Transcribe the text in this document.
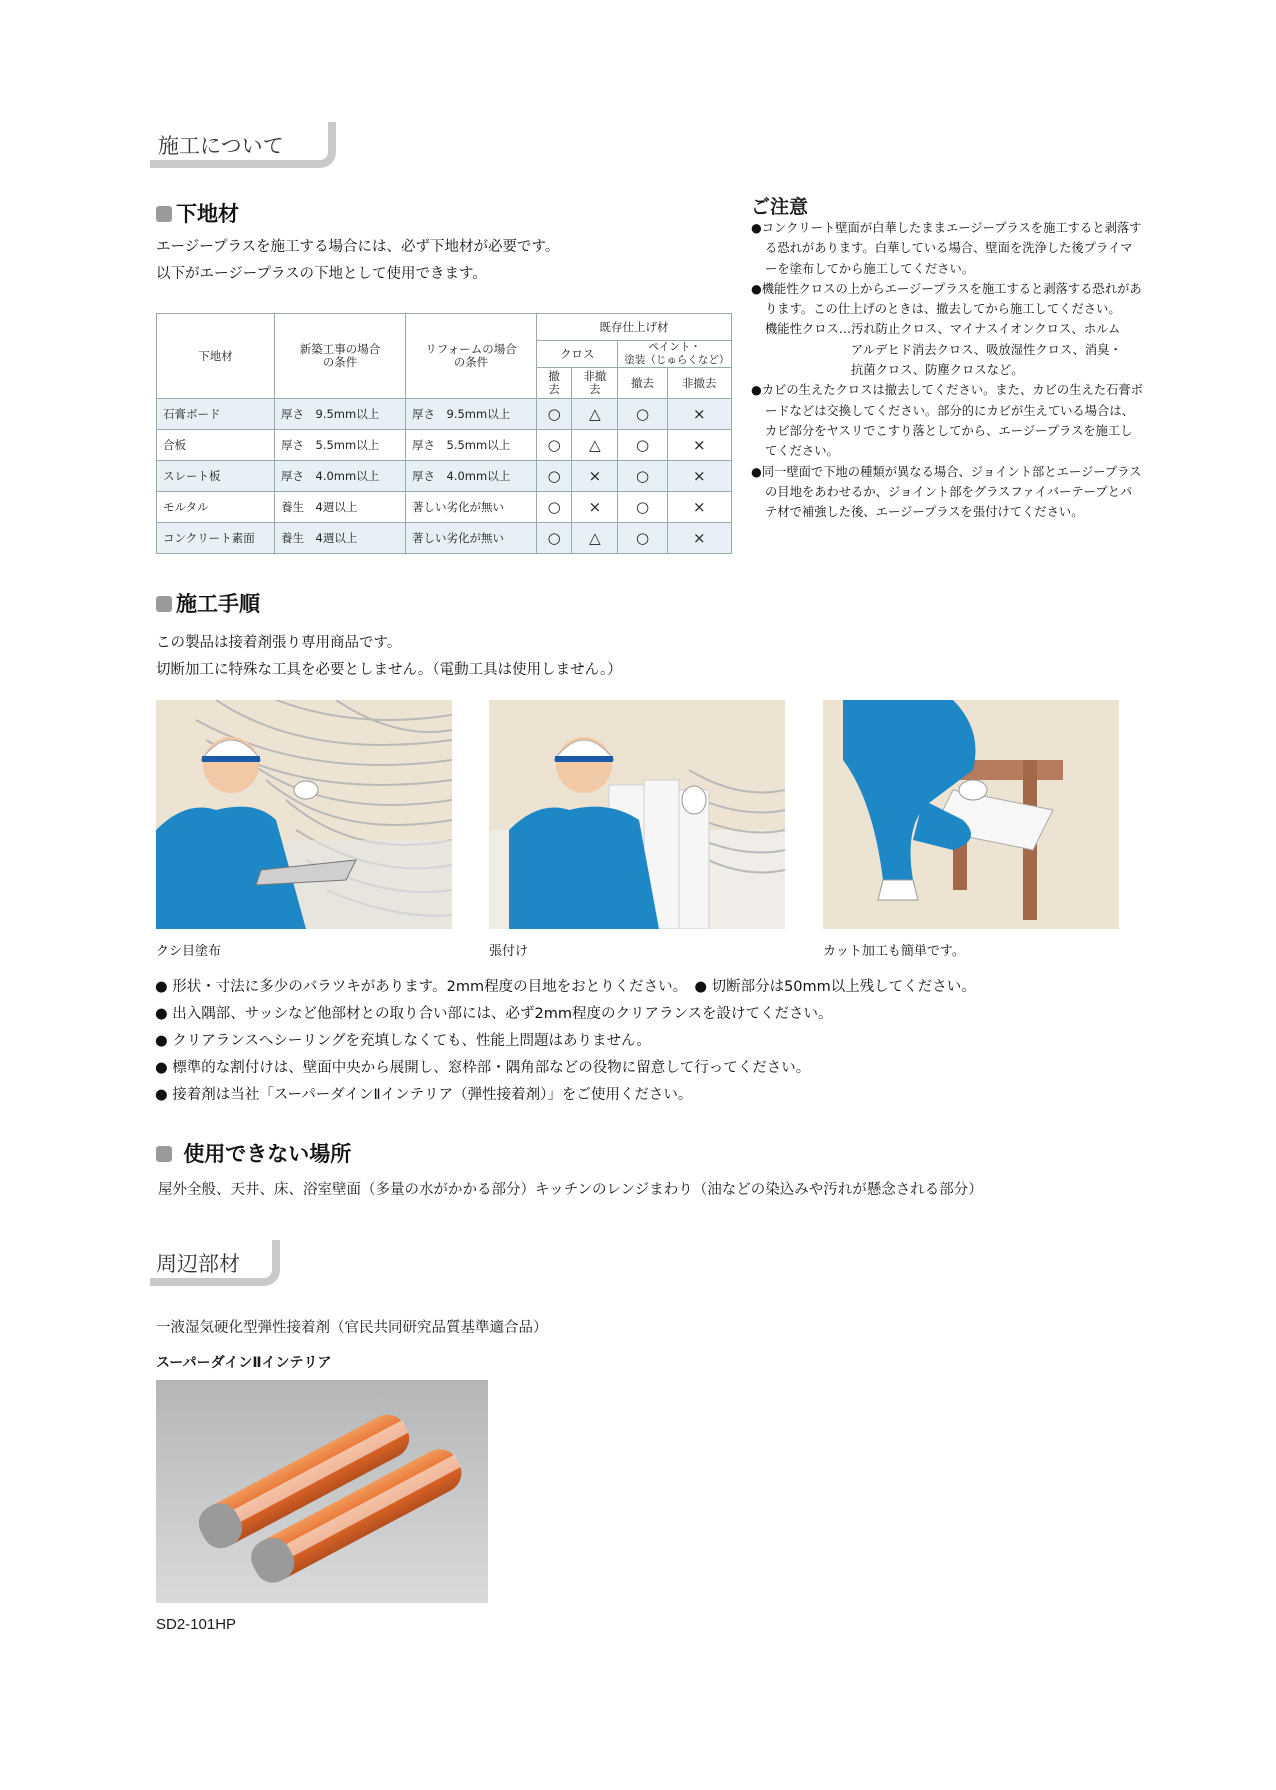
施工について
下地材
エージープラスを施工する場合には、必ず下地材が必要です。
以下がエージープラスの下地として使用できます。
下地材	新築工事の場合
の条件	リフォームの場合
の条件	既存仕上げ材			
			クロス		ペイント・
塗装（じゅらくなど）	
			撤去	非撤去	撤去	非撤去
石膏ボード	厚さ　9.5mm以上	厚さ　9.5mm以上	○	△	○	×
合板	厚さ　5.5mm以上	厚さ　5.5mm以上	○	△	○	×
スレート板	厚さ　4.0mm以上	厚さ　4.0mm以上	○	×	○	×
モルタル	養生　4週以上	著しい劣化が無い	○	×	○	×
コンクリート素面	養生　4週以上	著しい劣化が無い	○	△	○	×
ご注意
●コンクリート壁面が白華したままエージープラスを施工すると剥落する恐れがあります。白華している場合、壁面を洗浄した後プライマーを塗布してから施工してください。
●機能性クロスの上からエージープラスを施工すると剥落する恐れがあります。この仕上げのときは、撤去してから施工してください。
機能性クロス…汚れ防止クロス、マイナスイオンクロス、ホルム
アルデヒド消去クロス、吸放湿性クロス、消臭・
抗菌クロス、防塵クロスなど。
●カビの生えたクロスは撤去してください。また、カビの生えた石膏ボードなどは交換してください。部分的にカビが生えている場合は、カビ部分をヤスリでこすり落としてから、エージープラスを施工してください。
●同一壁面で下地の種類が異なる場合、ジョイント部とエージープラスの目地をあわせるか、ジョイント部をグラスファイバーテープとパテ材で補強した後、エージープラスを張付けてください。
施工手順
この製品は接着剤張り専用商品です。
切断加工に特殊な工具を必要としません。（電動工具は使用しません。）
クシ目塗布	張付け	カット加工も簡単です。
● 形状・寸法に多少のバラツキがあります。2mm程度の目地をおとりください。　● 切断部分は50mm以上残してください。
● 出入隅部、サッシなど他部材との取り合い部には、必ず2mm程度のクリアランスを設けてください。
● クリアランスへシーリングを充填しなくても、性能上問題はありません。
● 標準的な割付けは、壁面中央から展開し、窓枠部・隅角部などの役物に留意して行ってください。
● 接着剤は当社「スーパーダインⅡインテリア（弾性接着剤）」をご使用ください。
使用できない場所
屋外全般、天井、床、浴室壁面（多量の水がかかる部分）キッチンのレンジまわり（油などの染込みや汚れが懸念される部分）
周辺部材
一液湿気硬化型弾性接着剤（官民共同研究品質基準適合品）
スーパーダインⅡインテリア
SD2-101HP
